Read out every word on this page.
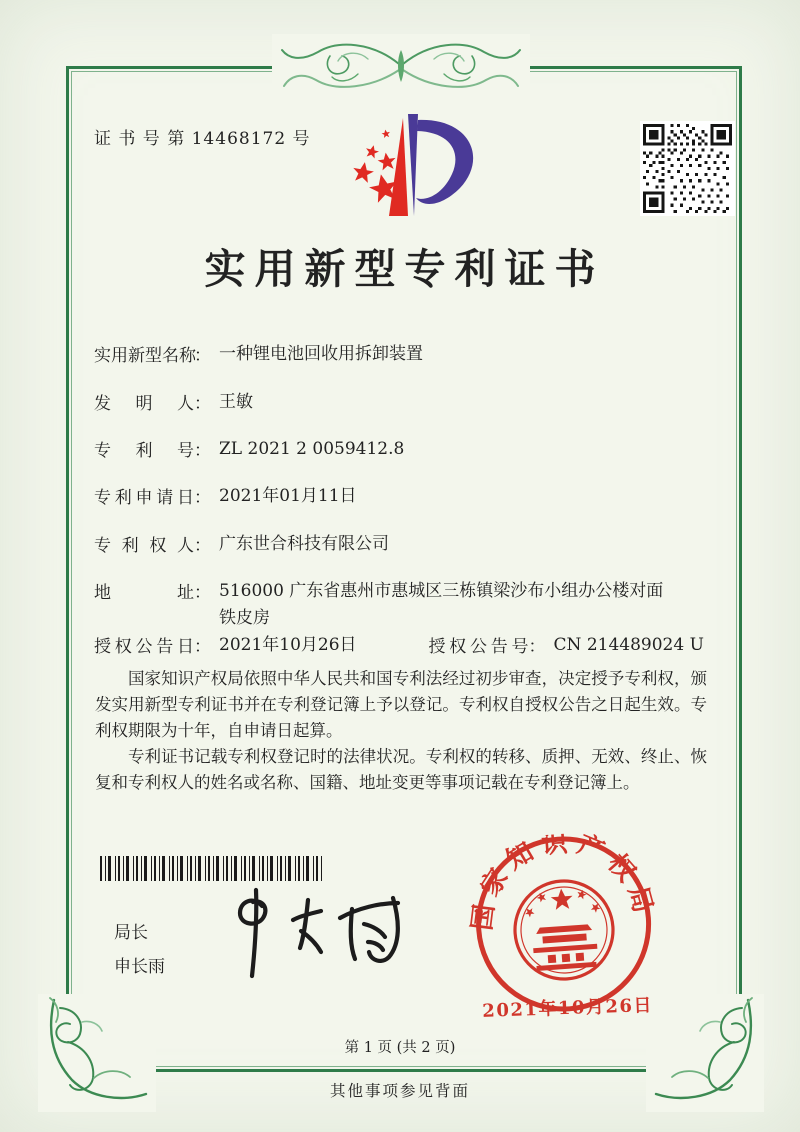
证 书 号 第 14468172 号
实用新型专利证书
实用新型名称
： 一种锂电池回收用拆卸装置
发明人 ： 王敏
专利号 ： ZL 2021 2 0059412.8
专利申请日 ： 2021年01月11日
专利权人 ： 广东世合科技有限公司
地址 ： 516000 广东省惠州市惠城区三栋镇梁沙布小组办公楼对面铁皮房
授权公告日 ： 2021年10月26日	授权公告号 ： CN 214489024 U

国家知识产权局依照中华人民共和国专利法经过初步审查，决定授予专利权，颁发实用新型专利证书并在专利登记簿上予以登记。专利权自授权公告之日起生效。专利权期限为十年，自申请日起算。

专利证书记载专利权登记时的法律状况。专利权的转移、质押、无效、终止、恢复和专利权人的姓名或名称、国籍、地址变更等事项记载在专利登记簿上。

局长
申长雨
国家知识产权局
2021年10月26日
第 1 页 (共 2 页)
其他事项参见背面
